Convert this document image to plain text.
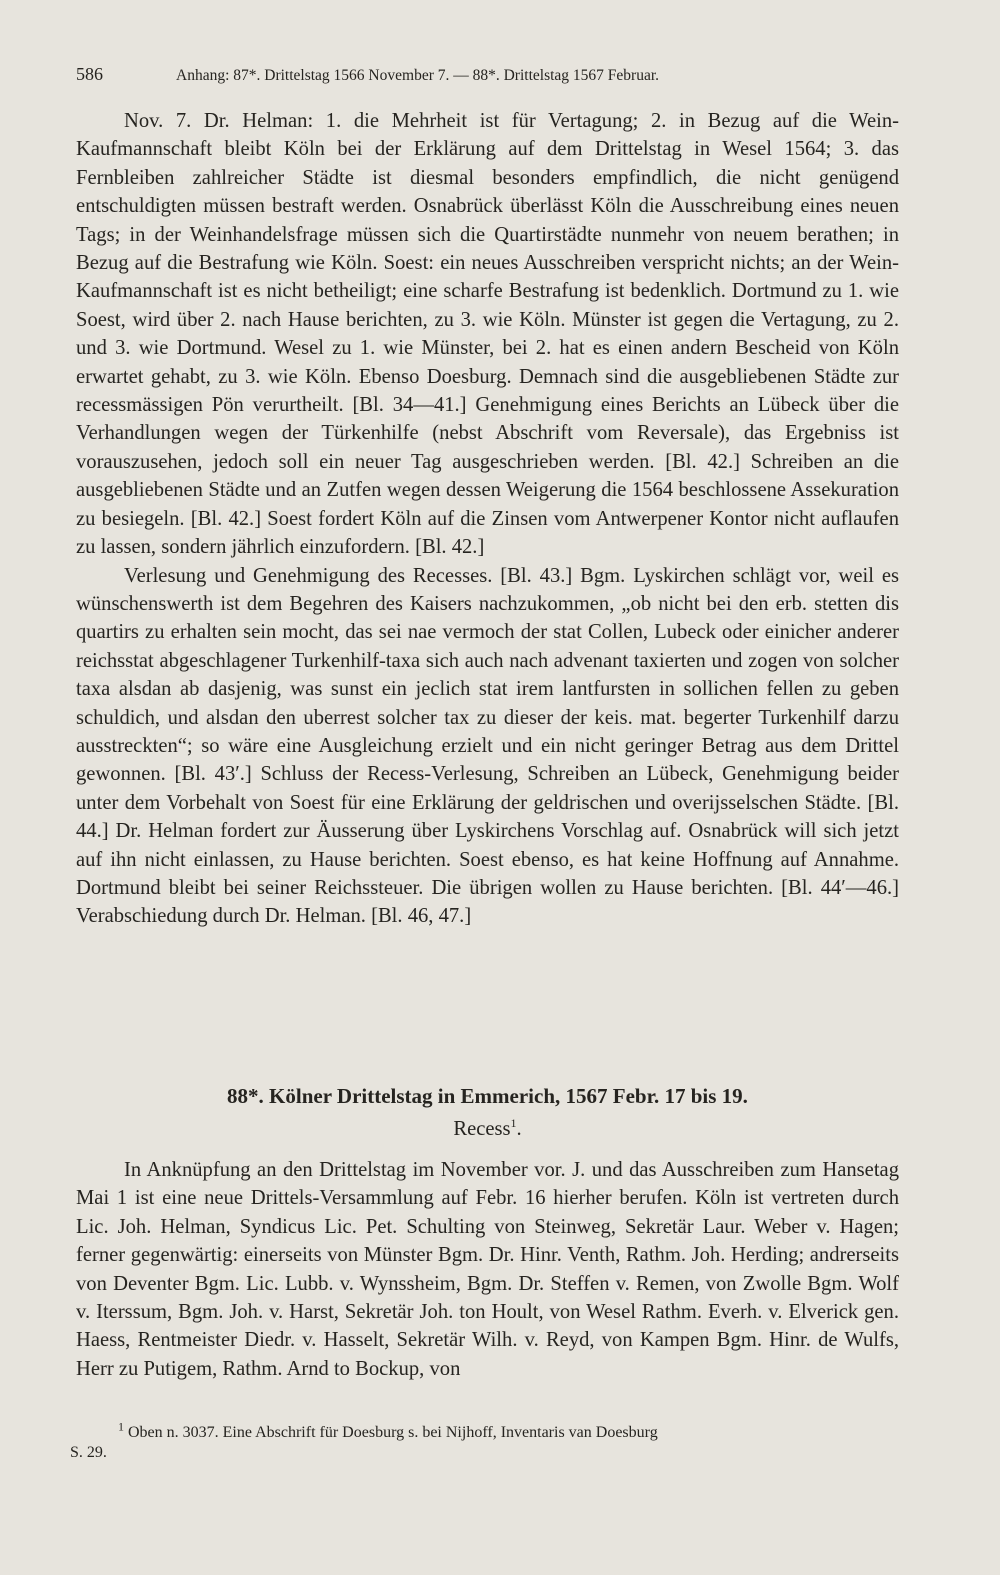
586	Anhang: 87*. Drittelstag 1566 November 7. — 88*. Drittelstag 1567 Februar.

Nov. 7. Dr. Helman: 1. die Mehrheit ist für Vertagung; 2. in Bezug auf die Wein-Kaufmannschaft bleibt Köln bei der Erklärung auf dem Drittelstag in Wesel 1564; 3. das Fernbleiben zahlreicher Städte ist diesmal besonders empfindlich, die nicht genügend entschuldigten müssen bestraft werden. Osnabrück überlässt Köln die Ausschreibung eines neuen Tags; in der Weinhandelsfrage müssen sich die Quartirstädte nunmehr von neuem berathen; in Bezug auf die Bestrafung wie Köln. Soest: ein neues Ausschreiben verspricht nichts; an der Wein-Kaufmannschaft ist es nicht betheiligt; eine scharfe Bestrafung ist bedenklich. Dortmund zu 1. wie Soest, wird über 2. nach Hause berichten, zu 3. wie Köln. Münster ist gegen die Vertagung, zu 2. und 3. wie Dortmund. Wesel zu 1. wie Münster, bei 2. hat es einen andern Bescheid von Köln erwartet gehabt, zu 3. wie Köln. Ebenso Doesburg. Demnach sind die ausgebliebenen Städte zur recessmässigen Pön verurtheilt. [Bl. 34—41.] Genehmigung eines Berichts an Lübeck über die Verhandlungen wegen der Türkenhilfe (nebst Abschrift vom Reversale), das Ergebniss ist vorauszusehen, jedoch soll ein neuer Tag ausgeschrieben werden. [Bl. 42.] Schreiben an die ausgebliebenen Städte und an Zutfen wegen dessen Weigerung die 1564 beschlossene Assekuration zu besiegeln. [Bl. 42.] Soest fordert Köln auf die Zinsen vom Antwerpener Kontor nicht auflaufen zu lassen, sondern jährlich einzufordern. [Bl. 42.]

Verlesung und Genehmigung des Recesses. [Bl. 43.] Bgm. Lyskirchen schlägt vor, weil es wünschenswerth ist dem Begehren des Kaisers nachzukommen, „ob nicht bei den erb. stetten dis quartirs zu erhalten sein mocht, das sei nae vermoch der stat Collen, Lubeck oder einicher anderer reichsstat abgeschlagener Turkenhilf-taxa sich auch nach advenant taxierten und zogen von solcher taxa alsdan ab dasjenig, was sunst ein jeclich stat irem lantfursten in sollichen fellen zu geben schuldich, und alsdan den uberrest solcher tax zu dieser der keis. mat. begerter Turkenhilf darzu ausstreckten“; so wäre eine Ausgleichung erzielt und ein nicht geringer Betrag aus dem Drittel gewonnen. [Bl. 43′.] Schluss der Recess-Verlesung, Schreiben an Lübeck, Genehmigung beider unter dem Vorbehalt von Soest für eine Erklärung der geldrischen und overijsselschen Städte. [Bl. 44.] Dr. Helman fordert zur Äusserung über Lyskirchens Vorschlag auf. Osnabrück will sich jetzt auf ihn nicht einlassen, zu Hause berichten. Soest ebenso, es hat keine Hoffnung auf Annahme. Dortmund bleibt bei seiner Reichssteuer. Die übrigen wollen zu Hause berichten. [Bl. 44′—46.] Verabschiedung durch Dr. Helman. [Bl. 46, 47.]

88*. Kölner Drittelstag in Emmerich, 1567 Febr. 17 bis 19.
Recess$^1$.

In Anknüpfung an den Drittelstag im November vor. J. und das Ausschreiben zum Hansetag Mai 1 ist eine neue Drittels-Versammlung auf Febr. 16 hierher berufen. Köln ist vertreten durch Lic. Joh. Helman, Syndicus Lic. Pet. Schulting von Steinweg, Sekretär Laur. Weber v. Hagen; ferner gegenwärtig: einerseits von Münster Bgm. Dr. Hinr. Venth, Rathm. Joh. Herding; andrerseits von Deventer Bgm. Lic. Lubb. v. Wynssheim, Bgm. Dr. Steffen v. Remen, von Zwolle Bgm. Wolf v. Iterssum, Bgm. Joh. v. Harst, Sekretär Joh. ton Hoult, von Wesel Rathm. Everh. v. Elverick gen. Haess, Rentmeister Diedr. v. Hasselt, Sekretär Wilh. v. Reyd, von Kampen Bgm. Hinr. de Wulfs, Herr zu Putigem, Rathm. Arnd to Bockup, von

$^1$ Oben n. 3037. Eine Abschrift für Doesburg s. bei Nijhoff, Inventaris van Doesburg
S. 29.
